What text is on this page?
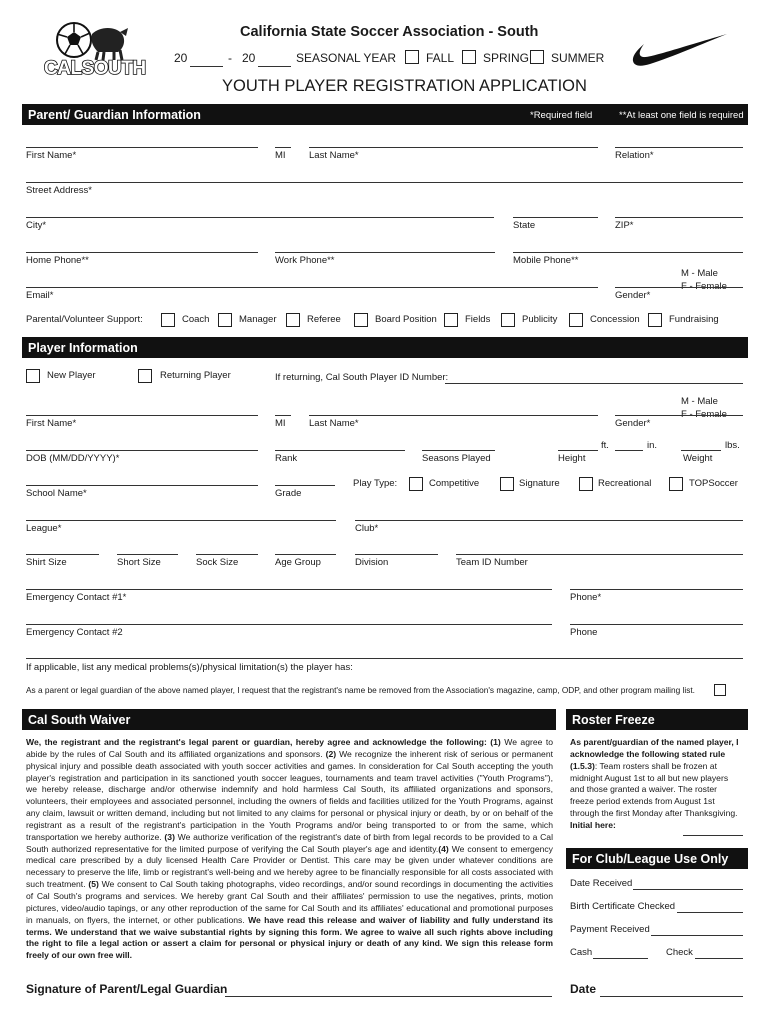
CALSOUTH
California State Soccer Association - South
20	- 20	SEASONAL YEAR FALL SPRING SUMMER
YOUTH PLAYER REGISTRATION APPLICATION
Parent/ Guardian Information	*Required field	**At least one field is required
First Name*	MI Last Name*	Relation*
Street Address*
City*	State	ZIP*
Home Phone**	Work Phone**	Mobile Phone**
M - Male
F - Female
Email*	Gender*
Parental/Volunteer Support:	Coach	Manager	Referee	Board Position	Fields	Publicity	Concession	Fundraising
Player Information
New Player	Returning Player	If returning, Cal South Player ID Number:
M - Male
F - Female
First Name*	MI Last Name*	Gender*
ft.	in.	lbs.
DOB (MM/DD/YYYY)*	Rank	Seasons Played	Height	Weight
School Name*	Grade
Play Type:	Competitive	Signature	Recreational	TOPSoccer
League*	Club*
Shirt Size	Short Size	Sock Size	Age Group	Division	Team ID Number
Emergency Contact #1*	Phone*
Emergency Contact #2	Phone
If applicable, list any medical problems(s)/physical limitation(s) the player has:
As a parent or legal guardian of the above named player, I request that the registrant's name be removed from the Association's magazine, camp, ODP, and other program mailing list.
Cal South Waiver
We, the registrant and the registrant's legal parent or guardian, hereby agree and acknowledge the following: (1) We agree to abide by the rules of Cal South and its affiliated organizations and sponsors. (2) We recognize the inherent risk of serious or permanent physical injury and possible death associated with youth soccer activities and games. In consideration for Cal South accepting the youth player's registration and participation in its sanctioned youth soccer leagues, tournaments and team travel activities ("Youth Programs"), we hereby release, discharge and/or otherwise indemnify and hold harmless Cal South, its affiliated organizations and sponsors, volunteers, their employees and associated personnel, including the owners of fields and facilities utilized for the Youth Programs, against any claim, lawsuit or written demand, including but not limited to any claims for personal or physical injury or death, by or on behalf of the registrant as a result of the registrant's participation in the Youth Programs and/or being transported to or from the same, which transportation we hereby authorize. (3) We authorize verification of the registrant's date of birth from legal records to be provided to a Cal South authorized representative for the limited purpose of verifying the Cal South player's age and identity.(4) We consent to emergency medical care prescribed by a duly licensed Health Care Provider or Dentist. This care may be given under whatever conditions are necessary to preserve the life, limb or registrant's well-being and we hereby agree to be financially responsible for all costs associated with such treatment. (5) We consent to Cal South taking photographs, video recordings, and/or sound recordings in documenting the activities of Cal South's programs and services. We hereby grant Cal South and their affiliates' permission to use the negatives, prints, motion pictures, video/audio tapings, or any other reproduction of the same for Cal South and its affiliates' educational and promotional purposes in manuals, on flyers, the internet, or other publications. We have read this release and waiver of liability and fully understand its terms. We understand that we waive substantial rights by signing this form. We agree to waive all such rights above including the right to file a legal action or assert a claim for personal or physical injury or death of any kind. We sign this release form freely of our own free will.
Roster Freeze
As parent/guardian of the named player, I acknowledge the following stated rule (1.5.3): Team rosters shall be frozen at midnight August 1st to all but new players and those granted a waiver. The roster freeze period extends from August 1st through the first Monday after Thanksgiving. Initial here:
For Club/League Use Only
Date Received
Birth Certificate Checked
Payment Received
Cash	Check
Signature of Parent/Legal Guardian	Date
